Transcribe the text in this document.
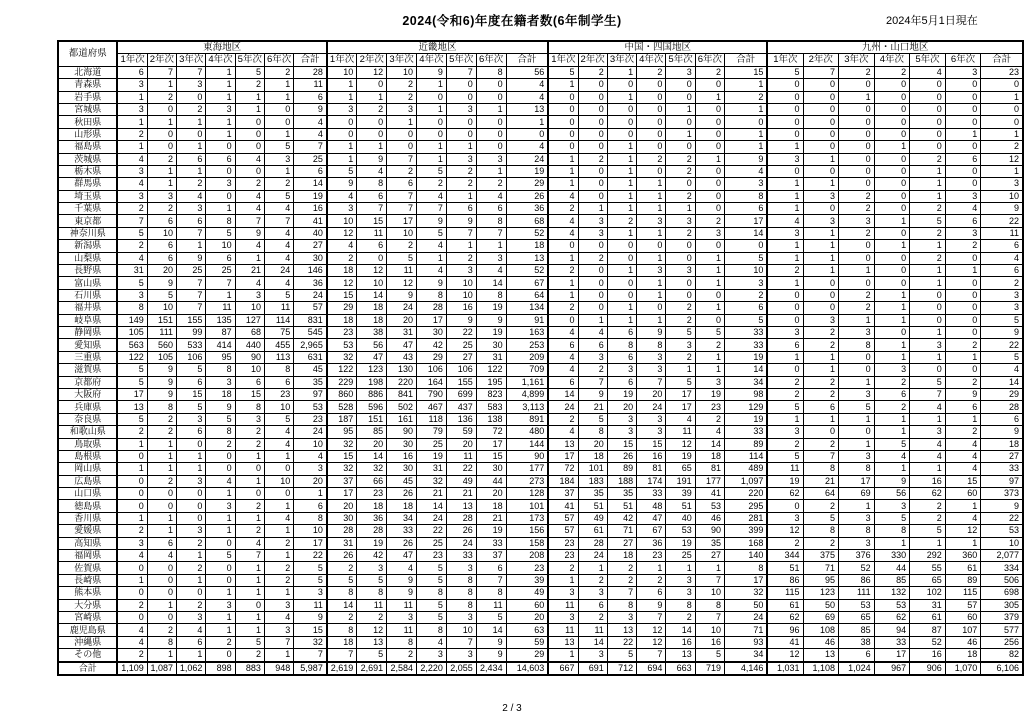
2024(令和6)年度在籍者数(6年制学生)	2024年5月1日現在
都道府県	東海地区							近畿地区							中国・四国地区							九州・山口地区						
	1年次	2年次	3年次	4年次	5年次	6年次	合計	1年次	2年次	3年次	4年次	5年次	6年次	合計	1年次	2年次	3年次	4年次	5年次	6年次	合計	1年次	2年次	3年次	4年次	5年次	6年次	合計
北海道	6	7	7	1	5	2	28	10	12	10	9	7	8	56	5	2	1	2	3	2	15	5	7	2	2	4	3	23
青森県	3	1	3	1	2	1	11	1	0	2	1	0	0	4	1	0	0	0	0	0	1	0	0	0	0	0	0	0
岩手県	1	2	0	1	1	1	6	1	1	2	0	0	0	4	0	0	1	0	0	1	2	0	0	1	0	0	0	1
宮城県	3	0	2	3	1	0	9	3	2	3	1	3	1	13	0	0	0	0	1	0	1	0	0	0	0	0	0	0
秋田県	1	1	1	1	0	0	4	0	0	1	0	0	0	1	0	0	0	0	0	0	0	0	0	0	0	0	0	0
山形県	2	0	0	1	0	1	4	0	0	0	0	0	0	0	0	0	0	0	1	0	1	0	0	0	0	0	1	1
福島県	1	0	1	0	0	5	7	1	1	0	1	1	0	4	0	0	1	0	0	0	1	1	0	0	1	0	0	2
茨城県	4	2	6	6	4	3	25	1	9	7	1	3	3	24	1	2	1	2	2	1	9	3	1	0	0	2	6	12
栃木県	3	1	1	0	0	1	6	5	4	2	5	2	1	19	1	0	1	0	2	0	4	0	0	0	0	1	0	1
群馬県	4	1	2	3	2	2	14	9	8	6	2	2	2	29	1	0	1	1	0	0	3	1	1	0	0	1	0	3
埼玉県	3	3	4	0	4	5	19	4	6	7	4	1	4	26	4	0	1	1	2	0	8	1	3	2	0	1	3	10
千葉県	2	2	3	1	4	4	16	3	7	7	7	6	6	36	2	1	1	1	1	0	6	1	0	2	0	2	4	9
東京都	7	6	6	8	7	7	41	10	15	17	9	9	8	68	4	3	2	3	3	2	17	4	3	3	1	5	6	22
神奈川県	5	10	7	5	9	4	40	12	11	10	5	7	7	52	4	3	1	1	2	3	14	3	1	2	0	2	3	11
新潟県	2	6	1	10	4	4	27	4	6	2	4	1	1	18	0	0	0	0	0	0	0	1	1	0	1	1	2	6
山梨県	4	6	9	6	1	4	30	2	0	5	1	2	3	13	1	2	0	1	0	1	5	1	1	0	0	2	0	4
長野県	31	20	25	25	21	24	146	18	12	11	4	3	4	52	2	0	1	3	3	1	10	2	1	1	0	1	1	6
富山県	5	9	7	7	4	4	36	12	10	12	9	10	14	67	1	0	0	1	0	1	3	1	0	0	0	1	0	2
石川県	3	5	7	1	3	5	24	15	14	9	8	10	8	64	1	0	0	1	0	0	2	0	0	2	1	0	0	3
福井県	8	10	7	11	10	11	57	29	18	24	28	16	19	134	2	0	1	0	2	1	6	0	0	2	1	0	0	3
岐阜県	149	151	155	135	127	114	831	18	18	20	17	9	9	91	0	1	1	1	2	0	5	0	3	1	1	0	0	5
静岡県	105	111	99	87	68	75	545	23	38	31	30	22	19	163	4	4	6	9	5	5	33	3	2	3	0	1	0	9
愛知県	563	560	533	414	440	455	2,965	53	56	47	42	25	30	253	6	6	8	8	3	2	33	6	2	8	1	3	2	22
三重県	122	105	106	95	90	113	631	32	47	43	29	27	31	209	4	3	6	3	2	1	19	1	1	0	1	1	1	5
滋賀県	5	9	5	8	10	8	45	122	123	130	106	106	122	709	4	2	3	3	1	1	14	0	1	0	3	0	0	4
京都府	5	9	6	3	6	6	35	229	198	220	164	155	195	1,161	6	7	6	7	5	3	34	2	2	1	2	5	2	14
大阪府	17	9	15	18	15	23	97	860	886	841	790	699	823	4,899	14	9	19	20	17	19	98	2	2	3	6	7	9	29
兵庫県	13	8	5	9	8	10	53	528	596	502	467	437	583	3,113	24	21	20	24	17	23	129	5	6	5	2	4	6	28
奈良県	5	2	3	5	3	5	23	187	151	161	118	136	138	891	2	5	3	3	4	2	19	1	1	1	1	1	1	6
和歌山県	2	2	6	8	2	4	24	95	85	90	79	59	72	480	4	8	3	3	11	4	33	3	0	0	1	3	2	9
鳥取県	1	1	0	2	2	4	10	32	20	30	25	20	17	144	13	20	15	15	12	14	89	2	2	1	5	4	4	18
島根県	0	1	1	0	1	1	4	15	14	16	19	11	15	90	17	18	26	16	19	18	114	5	7	3	4	4	4	27
岡山県	1	1	1	0	0	0	3	32	32	30	31	22	30	177	72	101	89	81	65	81	489	11	8	8	1	1	4	33
広島県	0	2	3	4	1	10	20	37	66	45	32	49	44	273	184	183	188	174	191	177	1,097	19	21	17	9	16	15	97
山口県	0	0	0	1	0	0	1	17	23	26	21	21	20	128	37	35	35	33	39	41	220	62	64	69	56	62	60	373
徳島県	0	0	0	3	2	1	6	20	18	18	14	13	18	101	41	51	51	48	51	53	295	0	2	1	3	2	1	9
香川県	1	1	0	1	1	4	8	30	36	34	24	28	21	173	57	49	42	47	40	46	281	3	5	3	5	2	4	22
愛媛県	2	1	3	1	2	1	10	28	28	33	22	26	19	156	57	61	71	67	53	90	399	12	8	8	8	5	12	53
高知県	3	6	2	0	4	2	17	31	19	26	25	24	33	158	23	28	27	36	19	35	168	2	2	3	1	1	1	10
福岡県	4	4	1	5	7	1	22	26	42	47	23	33	37	208	23	24	18	23	25	27	140	344	375	376	330	292	360	2,077
佐賀県	0	0	2	0	1	2	5	2	3	4	5	3	6	23	2	1	2	1	1	1	8	51	71	52	44	55	61	334
長崎県	1	0	1	0	1	2	5	5	5	9	5	8	7	39	1	2	2	2	3	7	17	86	95	86	85	65	89	506
熊本県	0	0	0	1	1	1	3	8	8	9	8	8	8	49	3	3	7	6	3	10	32	115	123	111	132	102	115	698
大分県	2	1	2	3	0	3	11	14	11	11	5	8	11	60	11	6	8	9	8	8	50	61	50	53	53	31	57	305
宮崎県	0	0	3	1	1	4	9	2	2	3	5	3	5	20	3	2	3	7	2	7	24	62	69	65	62	61	60	379
鹿児島県	4	2	4	1	1	3	15	8	12	11	8	10	14	63	11	11	13	12	14	10	71	96	108	85	94	87	107	577
沖縄県	4	8	6	2	5	7	32	18	13	8	4	7	9	59	13	14	22	12	16	16	93	41	46	38	33	52	46	256
その他	2	1	1	0	2	1	7	7	5	2	3	3	9	29	1	3	5	7	13	5	34	12	13	6	17	16	18	82
合計	1,109	1,087	1,062	898	883	948	5,987	2,619	2,691	2,584	2,220	2,055	2,434	14,603	667	691	712	694	663	719	4,146	1,031	1,108	1,024	967	906	1,070	6,106
2 / 3
